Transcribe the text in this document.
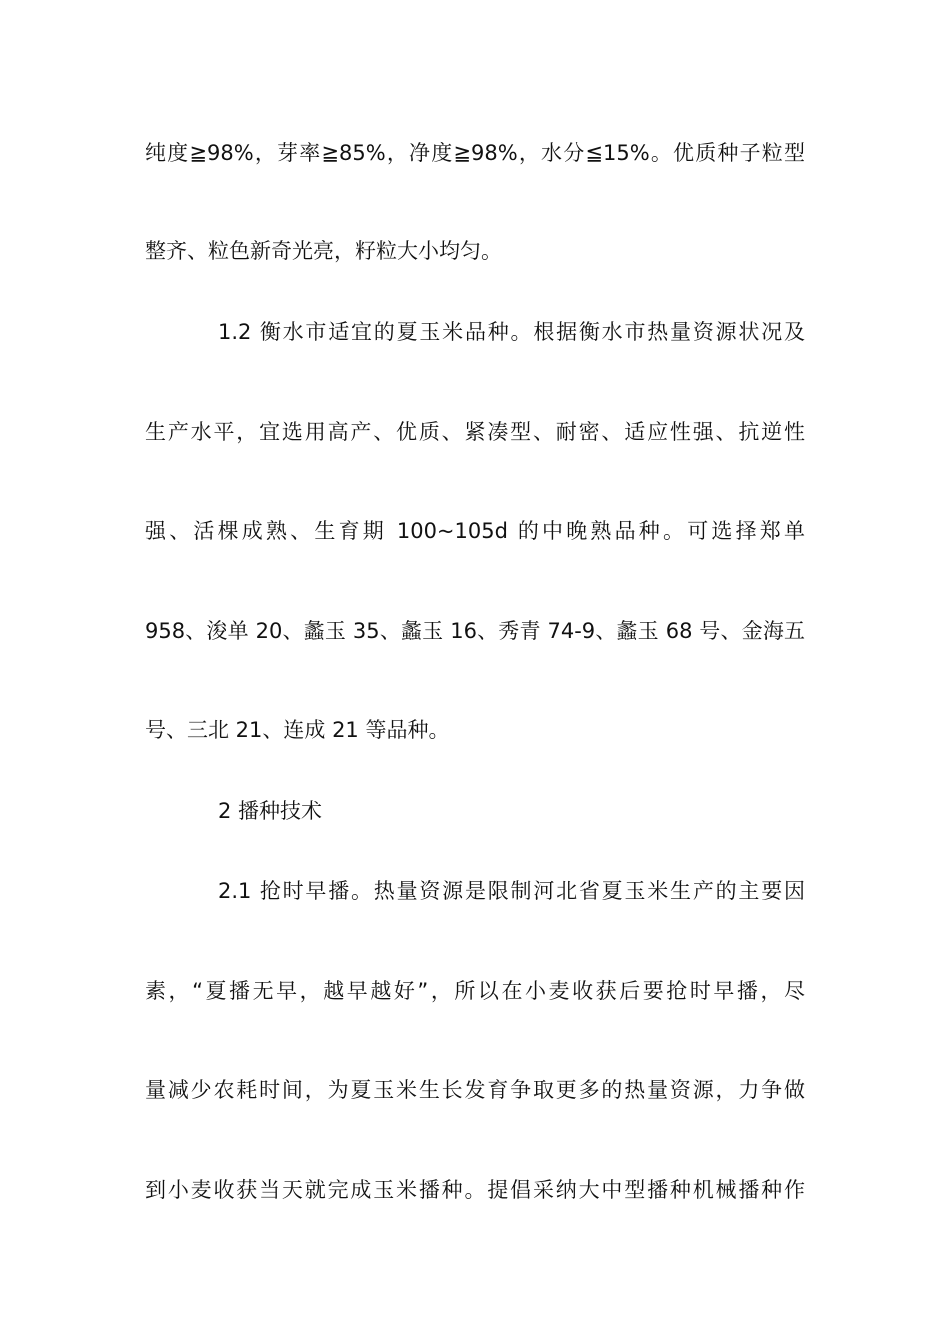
纯度≧98%，芽率≧85%，净度≧98%，水分≦15%。优质种子粒型
整齐、粒色新奇光亮，籽粒大小均匀。
1.2 衡水市适宜的夏玉米品种。根据衡水市热量资源状况及
生产水平，宜选用高产、优质、紧凑型、耐密、适应性强、抗逆性
强、活棵成熟、生育期 100~105d 的中晚熟品种。可选择郑单
958、浚单 20、蠡玉 35、蠡玉 16、秀青 74-9、蠡玉 68 号、金海五
号、三北 21、连成 21 等品种。
2 播种技术
2.1 抢时早播。热量资源是限制河北省夏玉米生产的主要因
素，“夏播无早，越早越好”，所以在小麦收获后要抢时早播，尽
量减少农耗时间，为夏玉米生长发育争取更多的热量资源，力争做
到小麦收获当天就完成玉米播种。提倡采纳大中型播种机械播种作
